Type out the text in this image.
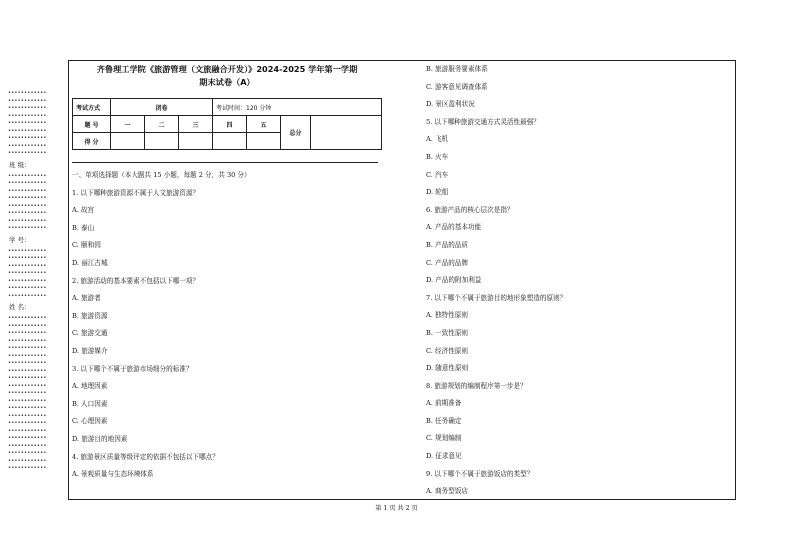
••••••••••••
••••••••••••
••••••••••••
••••••••••••
••••••••••••
••••••••••••
••••••••••••
••••••••••••
••••••••••••
班 级：
••••••••••••
••••••••••••
••••••••••••
••••••••••••
••••••••••••
••••••••••••
••••••••••••
••••••••••••
学 号：
••••••••••••
••••••••••••
••••••••••••
••••••••••••
••••••••••••
••••••••••••
••••••••••••
姓 名：
••••••••••••
••••••••••••
••••••••••••
••••••••••••
••••••••••••
••••••••••••
••••••••••••
••••••••••••
••••••••••••
••••••••••••
••••••••••••
••••••••••••
••••••••••••
••••••••••••
••••••••••••
••••••••••••
••••••••••••
••••••••••••
••••••••••••
••••••••••••
••••••••••••
齐鲁理工学院《旅游管理（文旅融合开发）》2024-2025 学年第一学期
期末试卷（A）
考试方式	闭卷			考试时间：120 分钟			
题 号	一	二	三	四	五	总分	
得 分							
一、单项选择题（本大题共 15 小题，每题 2 分，共 30 分）
1. 以下哪种旅游资源不属于人文旅游资源？
A. 故宫
B. 泰山
C. 颐和园
D. 丽江古城
2. 旅游活动的基本要素不包括以下哪一项？
A. 旅游者
B. 旅游资源
C. 旅游交通
D. 旅游媒介
3. 以下哪个不属于旅游市场细分的标准？
A. 地理因素
B. 人口因素
C. 心理因素
D. 旅游目的地因素
4. 旅游景区质量等级评定的依据不包括以下哪点？
A. 景观质量与生态环境体系
B. 旅游服务要素体系
C. 游客意见调查体系
D. 景区盈利状况
5. 以下哪种旅游交通方式灵活性最强？
A. 飞机
B. 火车
C. 汽车
D. 轮船
6. 旅游产品的核心层次是指？
A. 产品的基本功能
B. 产品的品质
C. 产品的品牌
D. 产品的附加利益
7. 以下哪个不属于旅游目的地形象塑造的原则？
A. 独特性原则
B. 一致性原则
C. 经济性原则
D. 随意性原则
8. 旅游规划的编制程序第一步是？
A. 前期准备
B. 任务确定
C. 规划编制
D. 征求意见
9. 以下哪个不属于旅游饭店的类型？
A. 商务型饭店
第 1 页 共 2 页
